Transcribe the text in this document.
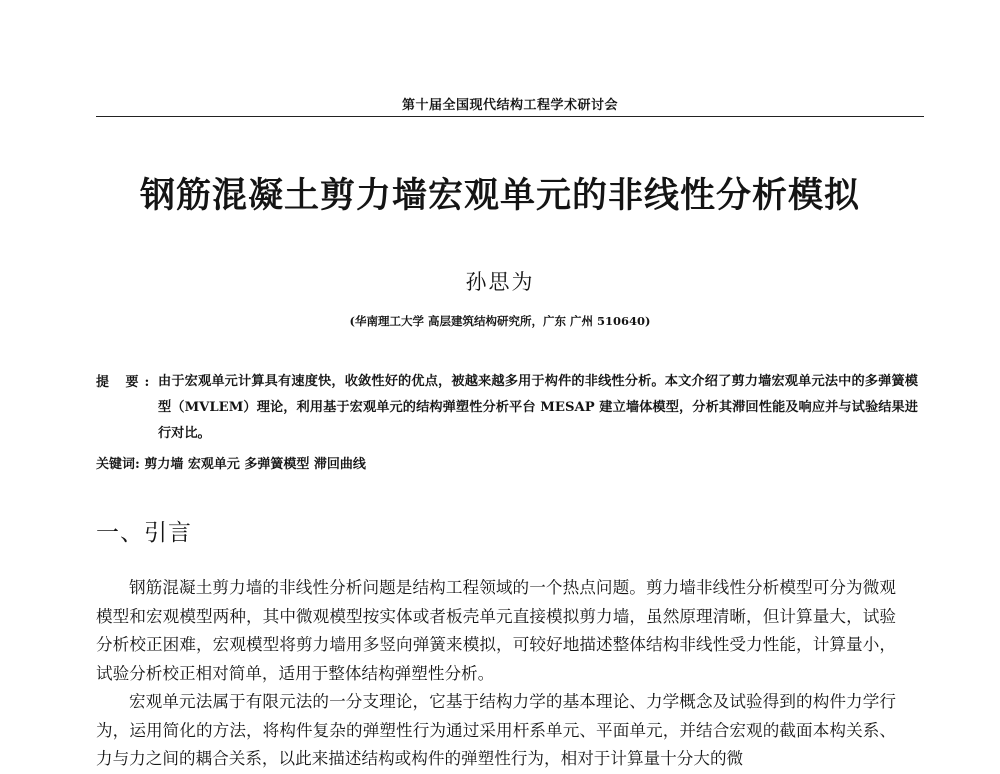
第十届全国现代结构工程学术研讨会
钢筋混凝土剪力墙宏观单元的非线性分析模拟
孙思为
(华南理工大学 高层建筑结构研究所，广东 广州 510640)
提 要: 由于宏观单元计算具有速度快，收敛性好的优点，被越来越多用于构件的非线性分析。本文介绍了剪力墙宏观单元法中的多弹簧模型（MVLEM）理论，利用基于宏观单元的结构弹塑性分析平台 MESAP 建立墙体模型，分析其滞回性能及响应并与试验结果进行对比。

关键词: 剪力墙 宏观单元 多弹簧模型 滞回曲线
一、引言

钢筋混凝土剪力墙的非线性分析问题是结构工程领域的一个热点问题。剪力墙非线性分析模型可分为微观模型和宏观模型两种，其中微观模型按实体或者板壳单元直接模拟剪力墙，虽然原理清晰，但计算量大，试验分析校正困难，宏观模型将剪力墙用多竖向弹簧来模拟，可较好地描述整体结构非线性受力性能，计算量小，试验分析校正相对简单，适用于整体结构弹塑性分析。

宏观单元法属于有限元法的一分支理论，它基于结构力学的基本理论、力学概念及试验得到的构件力学行为，运用简化的方法，将构件复杂的弹塑性行为通过采用杆系单元、平面单元，并结合宏观的截面本构关系、力与力之间的耦合关系，以此来描述结构或构件的弹塑性行为，相对于计算量十分大的微
